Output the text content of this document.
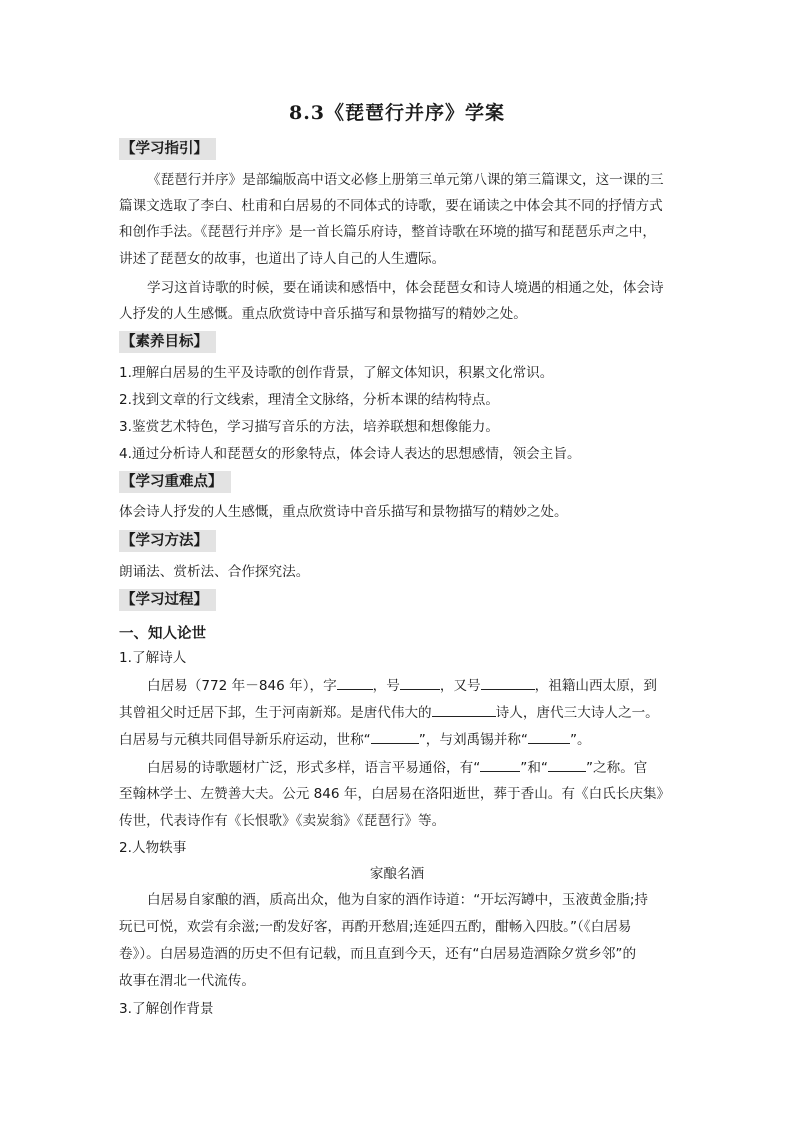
8.3《琵琶行并序》学案
【学习指引】
《琵琶行并序》是部编版高中语文必修上册第三单元第八课的第三篇课文，这一课的三
篇课文选取了李白、杜甫和白居易的不同体式的诗歌，要在诵读之中体会其不同的抒情方式
和创作手法。《琵琶行并序》是一首长篇乐府诗，整首诗歌在环境的描写和琵琶乐声之中，
讲述了琵琶女的故事，也道出了诗人自己的人生遭际。
学习这首诗歌的时候，要在诵读和感悟中，体会琵琶女和诗人境遇的相通之处，体会诗
人抒发的人生感慨。重点欣赏诗中音乐描写和景物描写的精妙之处。
【素养目标】
1.理解白居易的生平及诗歌的创作背景，了解文体知识，积累文化常识。
2.找到文章的行文线索，理清全文脉络，分析本课的结构特点。
3.鉴赏艺术特色，学习描写音乐的方法，培养联想和想像能力。
4.通过分析诗人和琵琶女的形象特点，体会诗人表达的思想感情，领会主旨。
【学习重难点】
体会诗人抒发的人生感慨，重点欣赏诗中音乐描写和景物描写的精妙之处。
【学习方法】
朗诵法、赏析法、合作探究法。
【学习过程】
一、知人论世
1.了解诗人
白居易（772 年－846 年），字	，号	，又号	，祖籍山西太原，到
其曾祖父时迁居下邽，生于河南新郑。是唐代伟大的	诗人，唐代三大诗人之一。
白居易与元稹共同倡导新乐府运动，世称“	”，与刘禹锡并称“	”。
白居易的诗歌题材广泛，形式多样，语言平易通俗，有“	”和“	”之称。官
至翰林学士、左赞善大夫。公元 846 年，白居易在洛阳逝世，葬于香山。有《白氏长庆集》
传世，代表诗作有《长恨歌》《卖炭翁》《琵琶行》等。
2.人物轶事
家酿名酒
白居易自家酿的酒，质高出众，他为自家的酒作诗道：“开坛泻罇中，玉液黄金脂;持
玩已可悦，欢尝有余滋;一酌发好客，再酌开愁眉;连延四五酌，酣畅入四肢。”（《白居易
卷》）。白居易造酒的历史不但有记载，而且直到今天，还有“白居易造酒除夕赏乡邻”的
故事在渭北一代流传。
3.了解创作背景
